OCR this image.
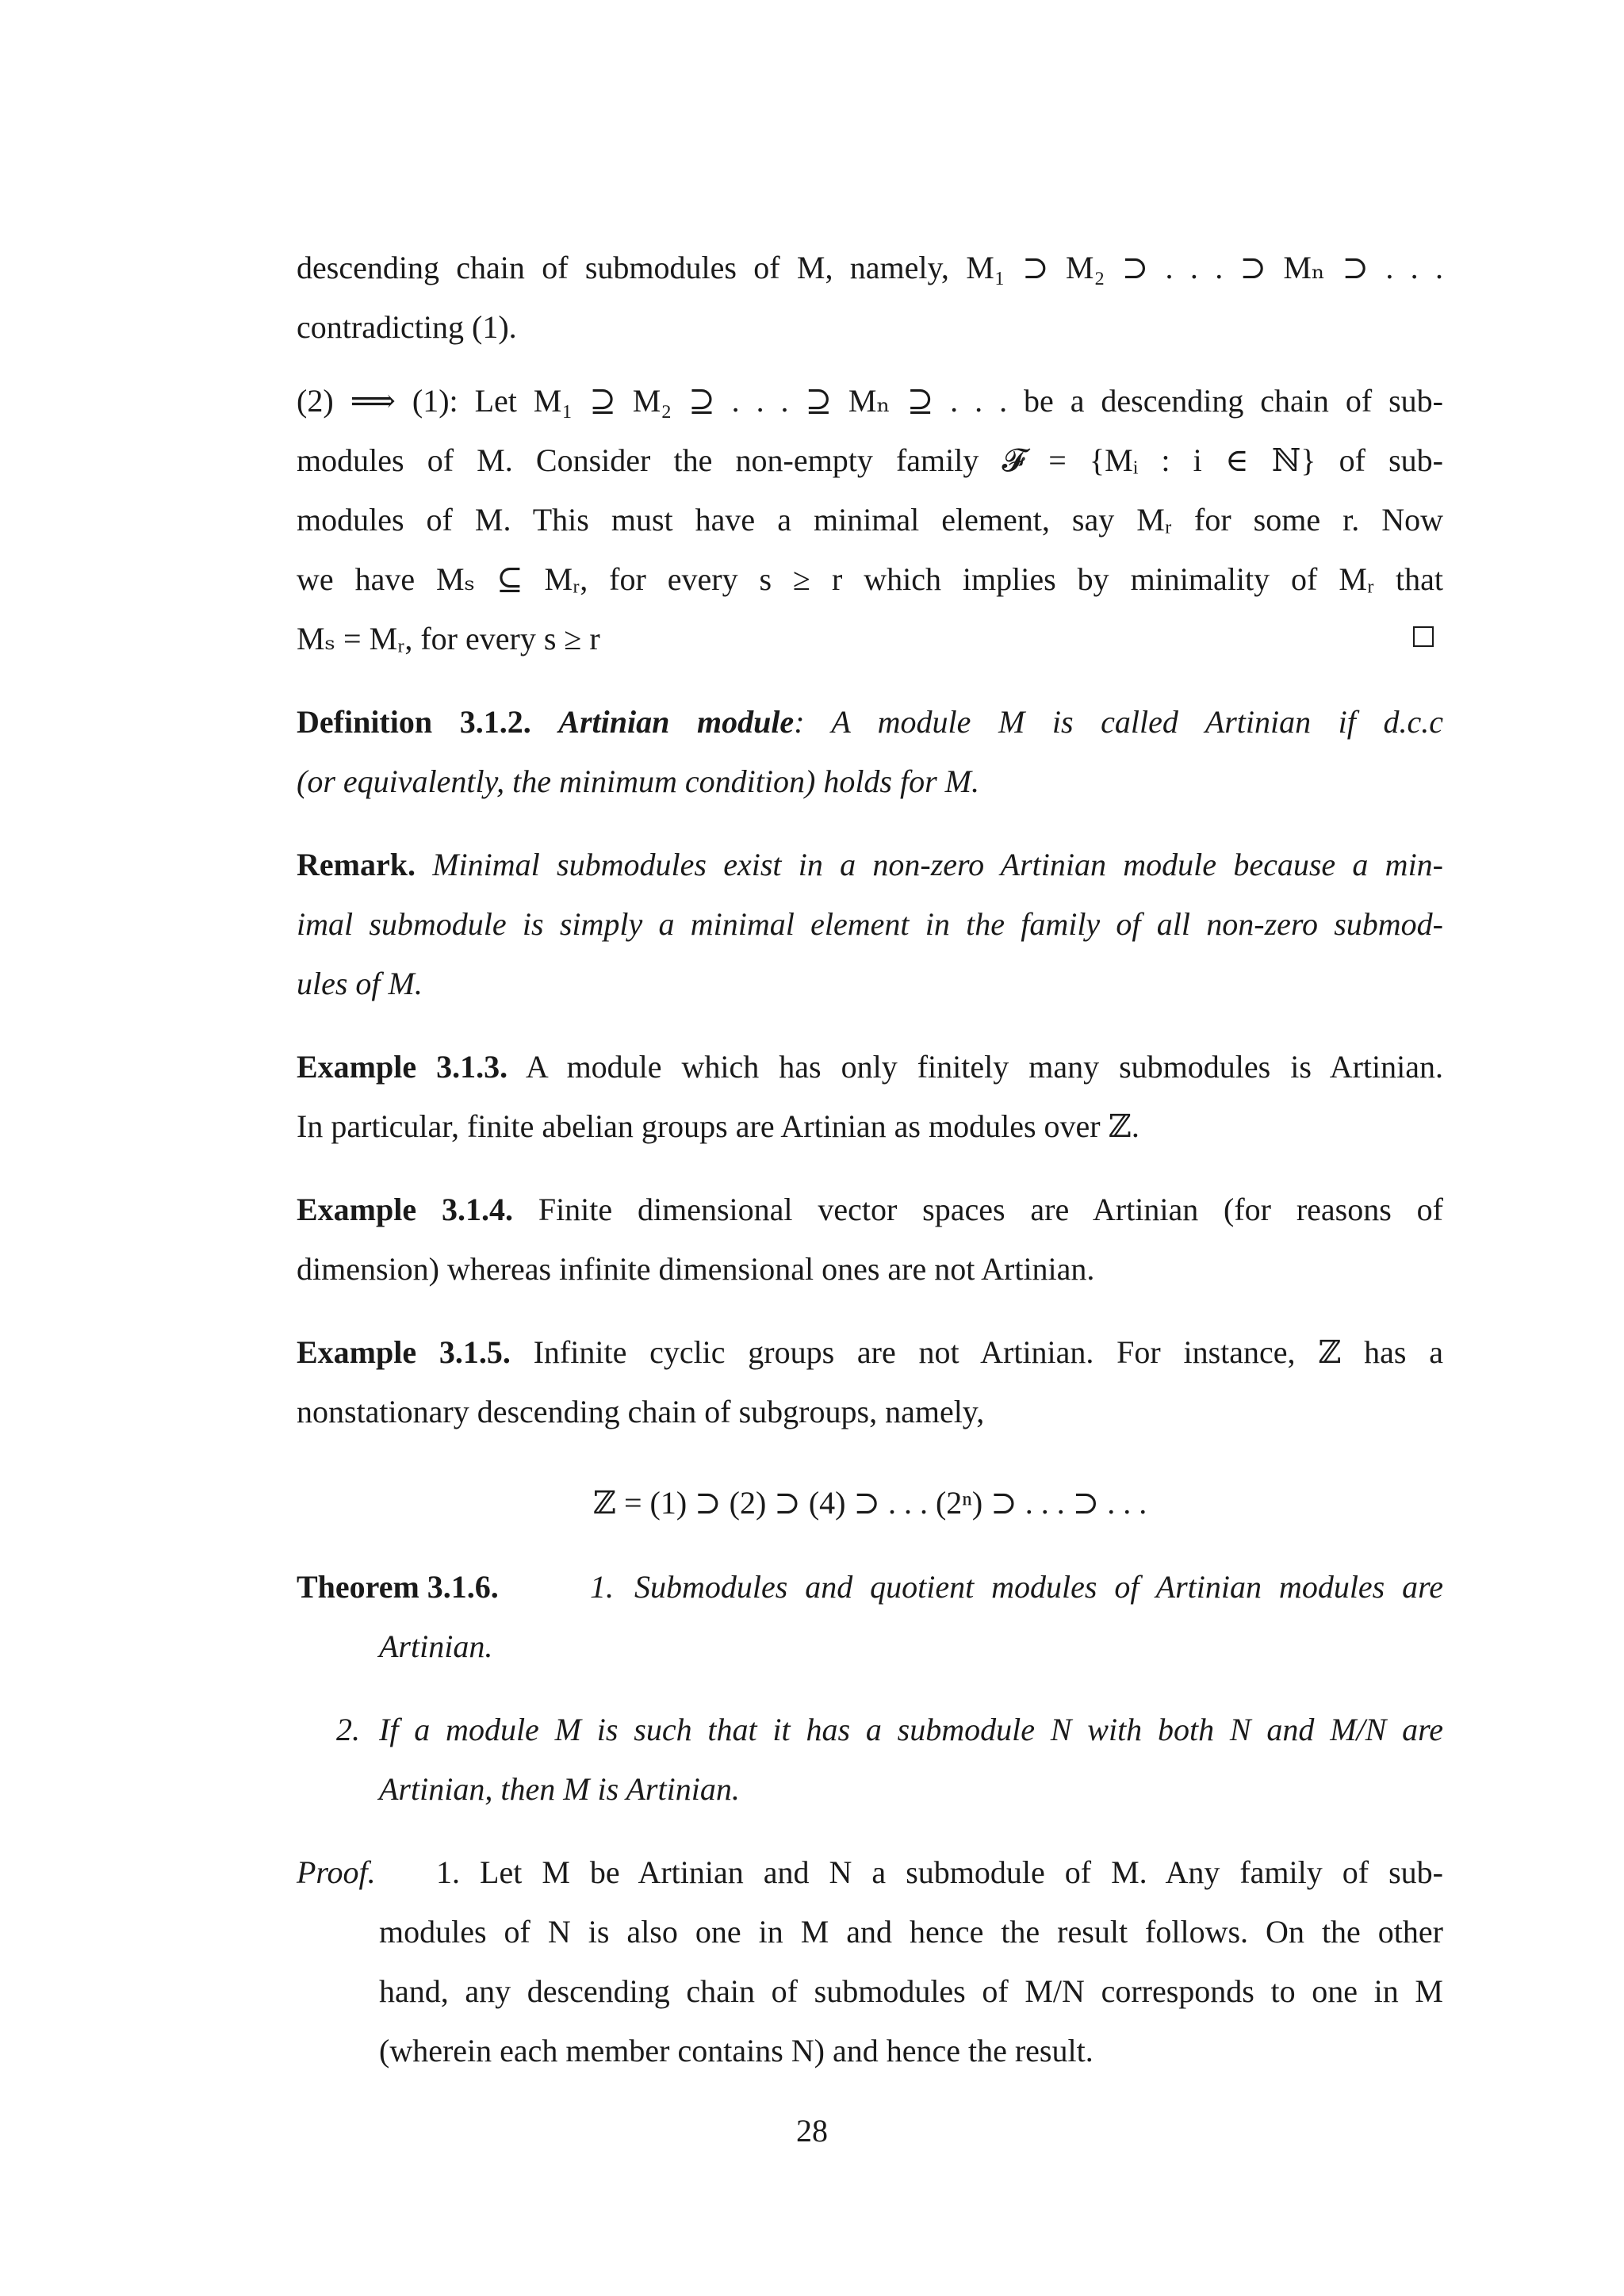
descending chain of submodules of M, namely, M₁ ⊃ M₂ ⊃ . . . ⊃ Mₙ ⊃ . . .
contradicting (1).
(2) ⟹ (1): Let M₁ ⊇ M₂ ⊇ . . . ⊇ Mₙ ⊇ . . . be a descending chain of sub-
modules of M. Consider the non-empty family 𝓕 = {Mᵢ : i ∈ ℕ} of sub-
modules of M. This must have a minimal element, say Mᵣ for some r. Now
we have Mₛ ⊆ Mᵣ, for every s ≥ r which implies by minimality of Mᵣ that
Mₛ = Mᵣ, for every s ≥ r
Definition 3.1.2. Artinian module: A module M is called Artinian if d.c.c
(or equivalently, the minimum condition) holds for M.
Remark. Minimal submodules exist in a non-zero Artinian module because a min-
imal submodule is simply a minimal element in the family of all non-zero submod-
ules of M.
Example 3.1.3. A module which has only finitely many submodules is Artinian.
In particular, finite abelian groups are Artinian as modules over ℤ.
Example 3.1.4. Finite dimensional vector spaces are Artinian (for reasons of
dimension) whereas infinite dimensional ones are not Artinian.
Example 3.1.5. Infinite cyclic groups are not Artinian. For instance, ℤ has a
nonstationary descending chain of subgroups, namely,
ℤ = (1) ⊃ (2) ⊃ (4) ⊃ . . . (2ⁿ) ⊃ . . . ⊃ . . .
Theorem 3.1.6.	1. Submodules and quotient modules of Artinian modules are
Artinian.
2. If a module M is such that it has a submodule N with both N and M/N are
Artinian, then M is Artinian.
Proof. 1. Let M be Artinian and N a submodule of M. Any family of sub-
modules of N is also one in M and hence the result follows. On the other
hand, any descending chain of submodules of M/N corresponds to one in M
(wherein each member contains N) and hence the result.
28
